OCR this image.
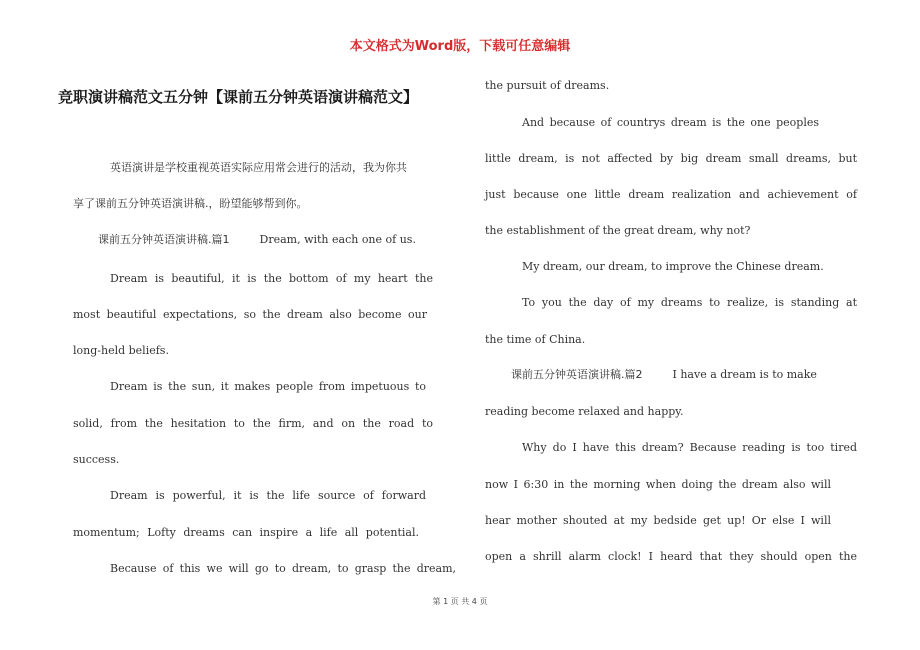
本文格式为Word版，下载可任意编辑
竞职演讲稿范文五分钟【课前五分钟英语演讲稿范文】
英语演讲是学校重视英语实际应用常会进行的活动，我为你共
享了课前五分钟英语演讲稿.，盼望能够帮到你。
课前五分钟英语演讲稿.篇1	Dream, with each one of us.
Dream is beautiful, it is the bottom of my heart the
most beautiful expectations, so the dream also become our
long-held beliefs.
Dream is the sun, it makes people from impetuous to
solid, from the hesitation to the firm, and on the road to
success.
Dream is powerful, it is the life source of forward
momentum; Lofty dreams can inspire a life all potential.
Because of this we will go to dream, to grasp the dream,
the pursuit of dreams.
And because of countrys dream is the one peoples
little dream, is not affected by big dream small dreams, but
just because one little dream realization and achievement of
the establishment of the great dream, why not?
My dream, our dream, to improve the Chinese dream.
To you the day of my dreams to realize, is standing at
the time of China.
课前五分钟英语演讲稿.篇2	I have a dream is to make
reading become relaxed and happy.
Why do I have this dream? Because reading is too tired
now I 6:30 in the morning when doing the dream also will
hear mother shouted at my bedside get up! Or else I will
open a shrill alarm clock! I heard that they should open the
第 1 页 共 4 页
